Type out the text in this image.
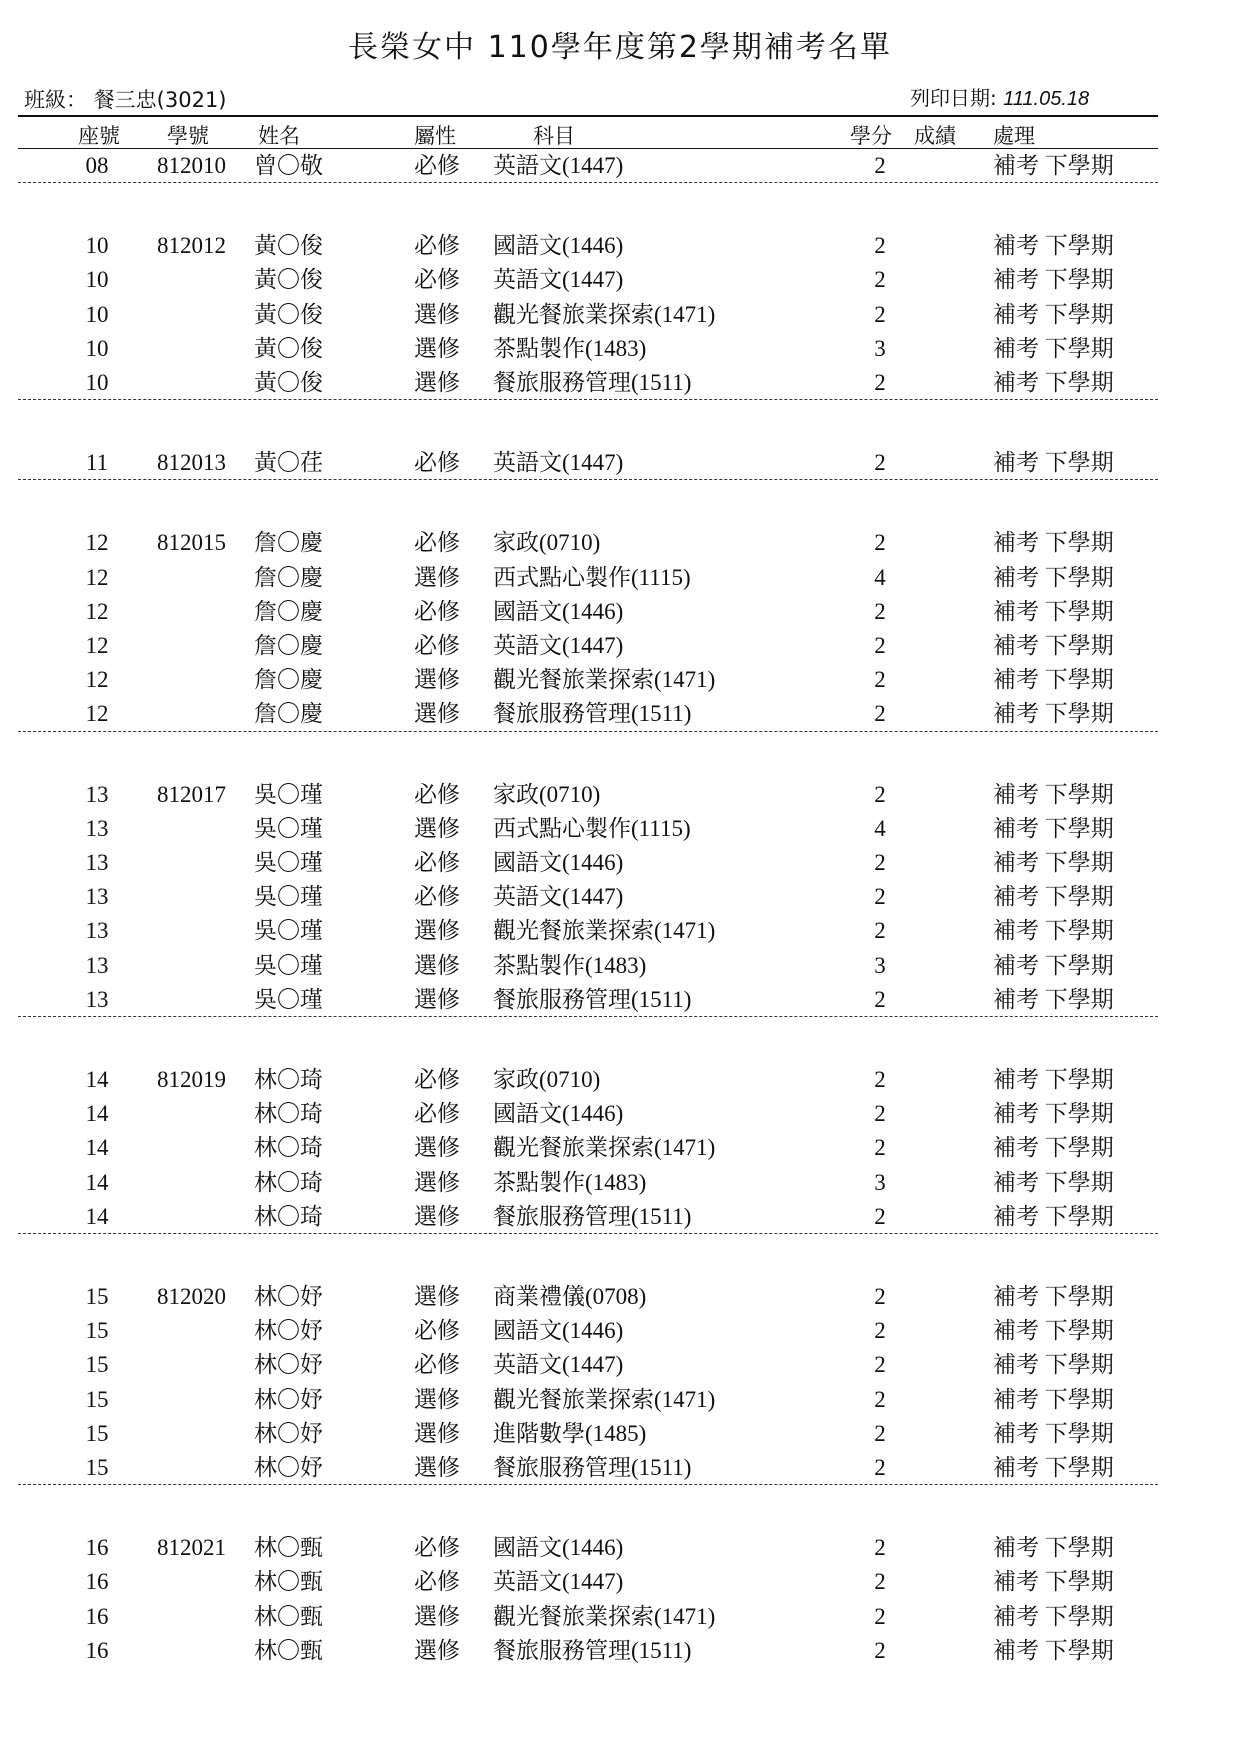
長榮女中 110學年度第2學期補考名單
班級： 餐三忠(3021)	列印日期: 111.05.18
座號 學號 姓名	屬性	科目	學分 成績 處理
08	812010 曾〇敬	必修 英語文(1447)	2	補考 下學期
10	812012 黃〇俊	必修 國語文(1446)	2	補考 下學期
10	黃〇俊	必修 英語文(1447)	2	補考 下學期
10	黃〇俊	選修 觀光餐旅業探索(1471)	2	補考 下學期
10	黃〇俊	選修 茶點製作(1483)	3	補考 下學期
10	黃〇俊	選修 餐旅服務管理(1511)	2	補考 下學期
11	812013 黃〇荏	必修 英語文(1447)	2	補考 下學期
12	812015 詹〇慶	必修 家政(0710)	2	補考 下學期
12	詹〇慶	選修 西式點心製作(1115)	4	補考 下學期
12	詹〇慶	必修 國語文(1446)	2	補考 下學期
12	詹〇慶	必修 英語文(1447)	2	補考 下學期
12	詹〇慶	選修 觀光餐旅業探索(1471)	2	補考 下學期
12	詹〇慶	選修 餐旅服務管理(1511)	2	補考 下學期
13	812017 吳〇瑾	必修 家政(0710)	2	補考 下學期
13	吳〇瑾	選修 西式點心製作(1115)	4	補考 下學期
13	吳〇瑾	必修 國語文(1446)	2	補考 下學期
13	吳〇瑾	必修 英語文(1447)	2	補考 下學期
13	吳〇瑾	選修 觀光餐旅業探索(1471)	2	補考 下學期
13	吳〇瑾	選修 茶點製作(1483)	3	補考 下學期
13	吳〇瑾	選修 餐旅服務管理(1511)	2	補考 下學期
14	812019 林〇琦	必修 家政(0710)	2	補考 下學期
14	林〇琦	必修 國語文(1446)	2	補考 下學期
14	林〇琦	選修 觀光餐旅業探索(1471)	2	補考 下學期
14	林〇琦	選修 茶點製作(1483)	3	補考 下學期
14	林〇琦	選修 餐旅服務管理(1511)	2	補考 下學期
15	812020 林〇妤	選修 商業禮儀(0708)	2	補考 下學期
15	林〇妤	必修 國語文(1446)	2	補考 下學期
15	林〇妤	必修 英語文(1447)	2	補考 下學期
15	林〇妤	選修 觀光餐旅業探索(1471)	2	補考 下學期
15	林〇妤	選修 進階數學(1485)	2	補考 下學期
15	林〇妤	選修 餐旅服務管理(1511)	2	補考 下學期
16	812021 林〇甄	必修 國語文(1446)	2	補考 下學期
16	林〇甄	必修 英語文(1447)	2	補考 下學期
16	林〇甄	選修 觀光餐旅業探索(1471)	2	補考 下學期
16	林〇甄	選修 餐旅服務管理(1511)	2	補考 下學期
